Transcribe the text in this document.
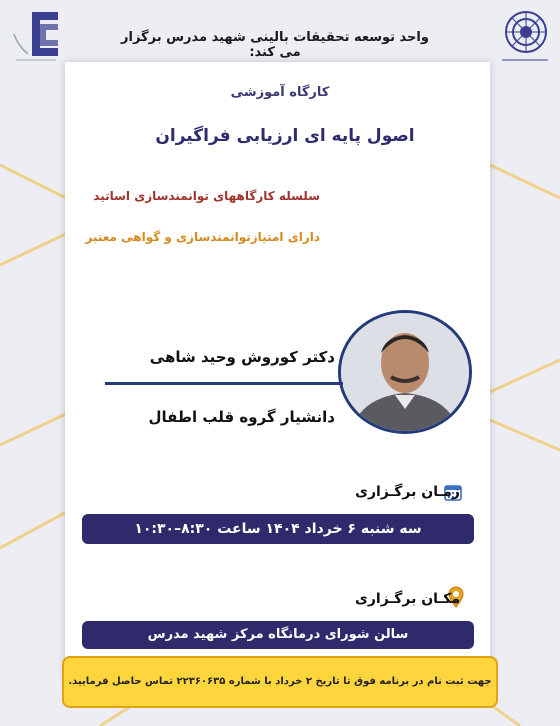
واحد توسعه تحقیقات بالینی شهید مدرس برگزار می کند:
کارگاه آموزشی
اصول پایه ای ارزیابی فراگیران
سلسله کارگاههای توانمندسازی اساتید
دارای امتیازتوانمندسازی و گواهی معتبر
دکتر کوروش وحید شاهی
دانشیار گروه قلب اطفال
زمـان برگـزاری
سه شنبه ۶ خرداد ۱۴۰۴ ساعت ۸:۳۰–۱۰:۳۰
مکـان برگـزاری
سالن شورای درمانگاه مرکز شهید مدرس
جهت ثبت نام در برنامه فوق تا تاریخ ۲ خرداد با شماره ۲۲۳۶۰۶۳۵ تماس حاصل فرمایید.
